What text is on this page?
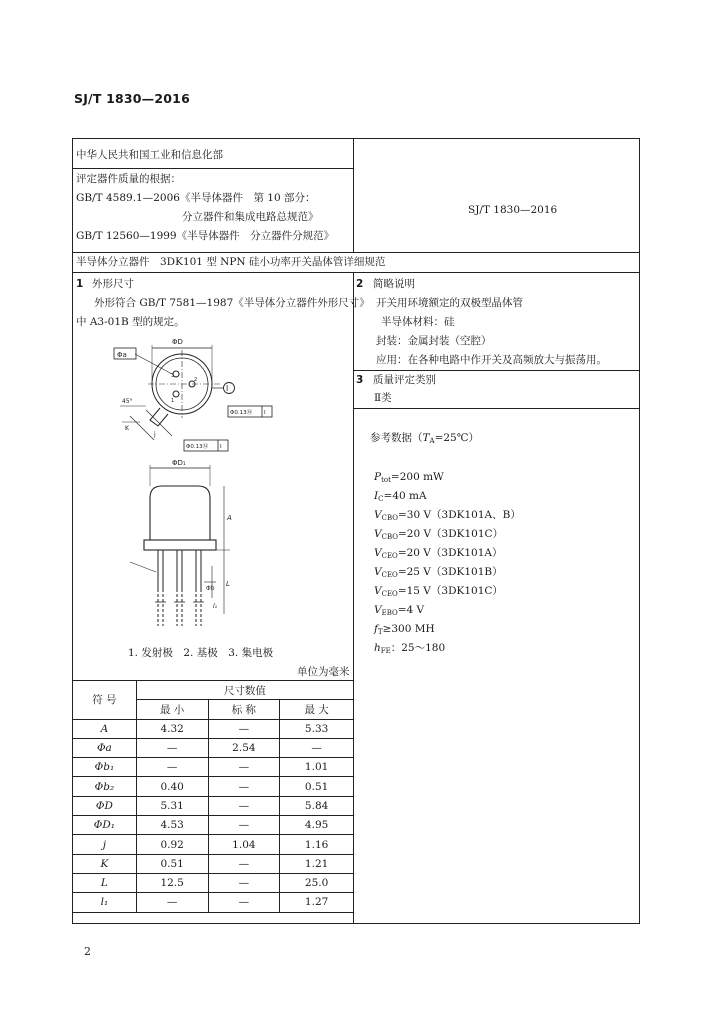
SJ/T 1830—2016
2
中华人民共和国工业和信息化部
评定器件质量的根据：
GB/T 4589.1—2006《半导体器件　第 10 部分：
分立器件和集成电路总规范》
GB/T 12560—1999《半导体器件　分立器件分规范》
SJ/T 1830—2016
半导体分立器件　3DK101 型 NPN 硅小功率开关晶体管详细规范
1 外形尺寸
外形符合 GB/T 7581—1987《半导体分立器件外形尺寸》
中 A3-01B 型的规定。
ΦD
Φa
I
45°
K
j
Φ0.13Ⓜ I
Φ0.13Ⓜ I
3
2
1
ΦD₁
A
Φb
L
l₁
1. 发射极　2. 基极　3. 集电极
单位为毫米
符 号	尺寸数值		
	最 小	标 称	最 大
A	4.32	—	5.33
Φa	—	2.54	—
Φb₁	—	—	1.01
Φb₂	0.40	—	0.51
ΦD	5.31	—	5.84
ΦD₁	4.53	—	4.95
j	0.92	1.04	1.16
K	0.51	—	1.21
L	12.5	—	25.0
l₁	—	—	1.27
2 简略说明
开关用环境额定的双极型晶体管
半导体材料：硅
封装：金属封装（空腔）
应用：在各种电路中作开关及高频放大与振荡用。
3 质量评定类别
Ⅱ类
参考数据$(T_A=25℃)$
$P_{tot}=200$ mW
$I_C=40$ mA
$V_{CBO}=30$ V（3DK101A、B）
$V_{CBO}=20$ V（3DK101C）
$V_{CEO}=20$ V（3DK101A）
$V_{CEO}=25$ V（3DK101B）
$V_{CEO}=15$ V（3DK101C）
$V_{EBO}=4$ V
$f_T\ge 300$ MH
$h_{FE}$：25～180
